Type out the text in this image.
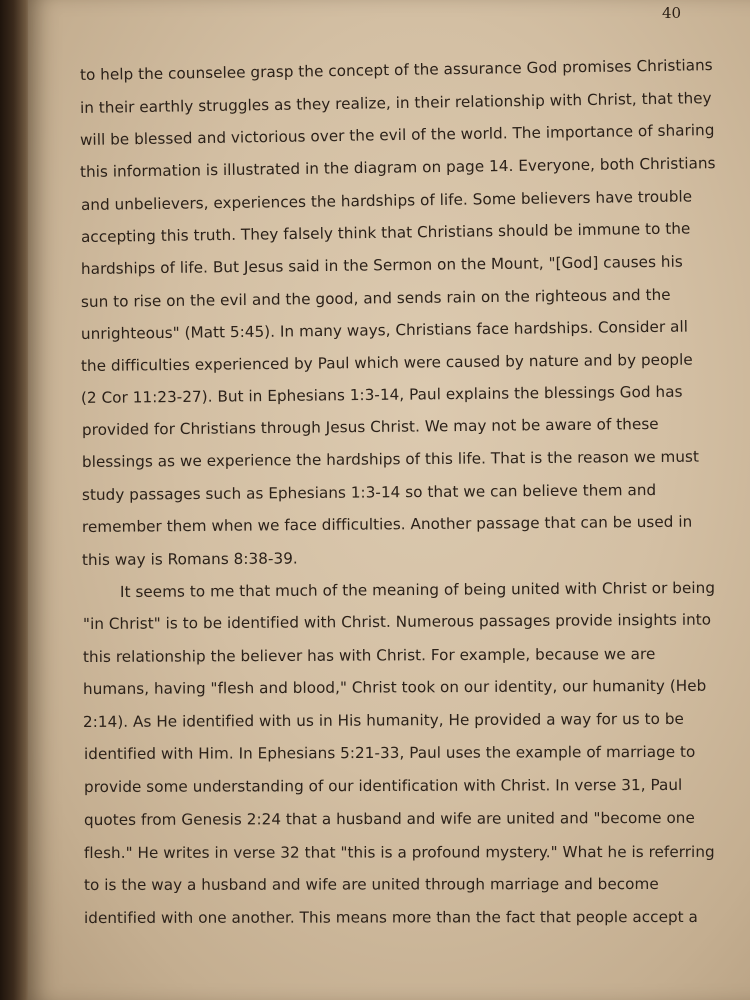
40
to help the counselee grasp the concept of the assurance God promises Christians
in their earthly struggles as they realize, in their relationship with Christ, that they
will be blessed and victorious over the evil of the world. The importance of sharing
this information is illustrated in the diagram on page 14. Everyone, both Christians
and unbelievers, experiences the hardships of life. Some believers have trouble
accepting this truth. They falsely think that Christians should be immune to the
hardships of life. But Jesus said in the Sermon on the Mount, "[God] causes his
sun to rise on the evil and the good, and sends rain on the righteous and the
unrighteous" (Matt 5:45). In many ways, Christians face hardships. Consider all
the difficulties experienced by Paul which were caused by nature and by people
(2 Cor 11:23-27). But in Ephesians 1:3-14, Paul explains the blessings God has
provided for Christians through Jesus Christ. We may not be aware of these
blessings as we experience the hardships of this life. That is the reason we must
study passages such as Ephesians 1:3-14 so that we can believe them and
remember them when we face difficulties. Another passage that can be used in
this way is Romans 8:38-39.
It seems to me that much of the meaning of being united with Christ or being
"in Christ" is to be identified with Christ. Numerous passages provide insights into
this relationship the believer has with Christ. For example, because we are
humans, having "flesh and blood," Christ took on our identity, our humanity (Heb
2:14). As He identified with us in His humanity, He provided a way for us to be
identified with Him. In Ephesians 5:21-33, Paul uses the example of marriage to
provide some understanding of our identification with Christ. In verse 31, Paul
quotes from Genesis 2:24 that a husband and wife are united and "become one
flesh." He writes in verse 32 that "this is a profound mystery." What he is referring
to is the way a husband and wife are united through marriage and become
identified with one another. This means more than the fact that people accept a
